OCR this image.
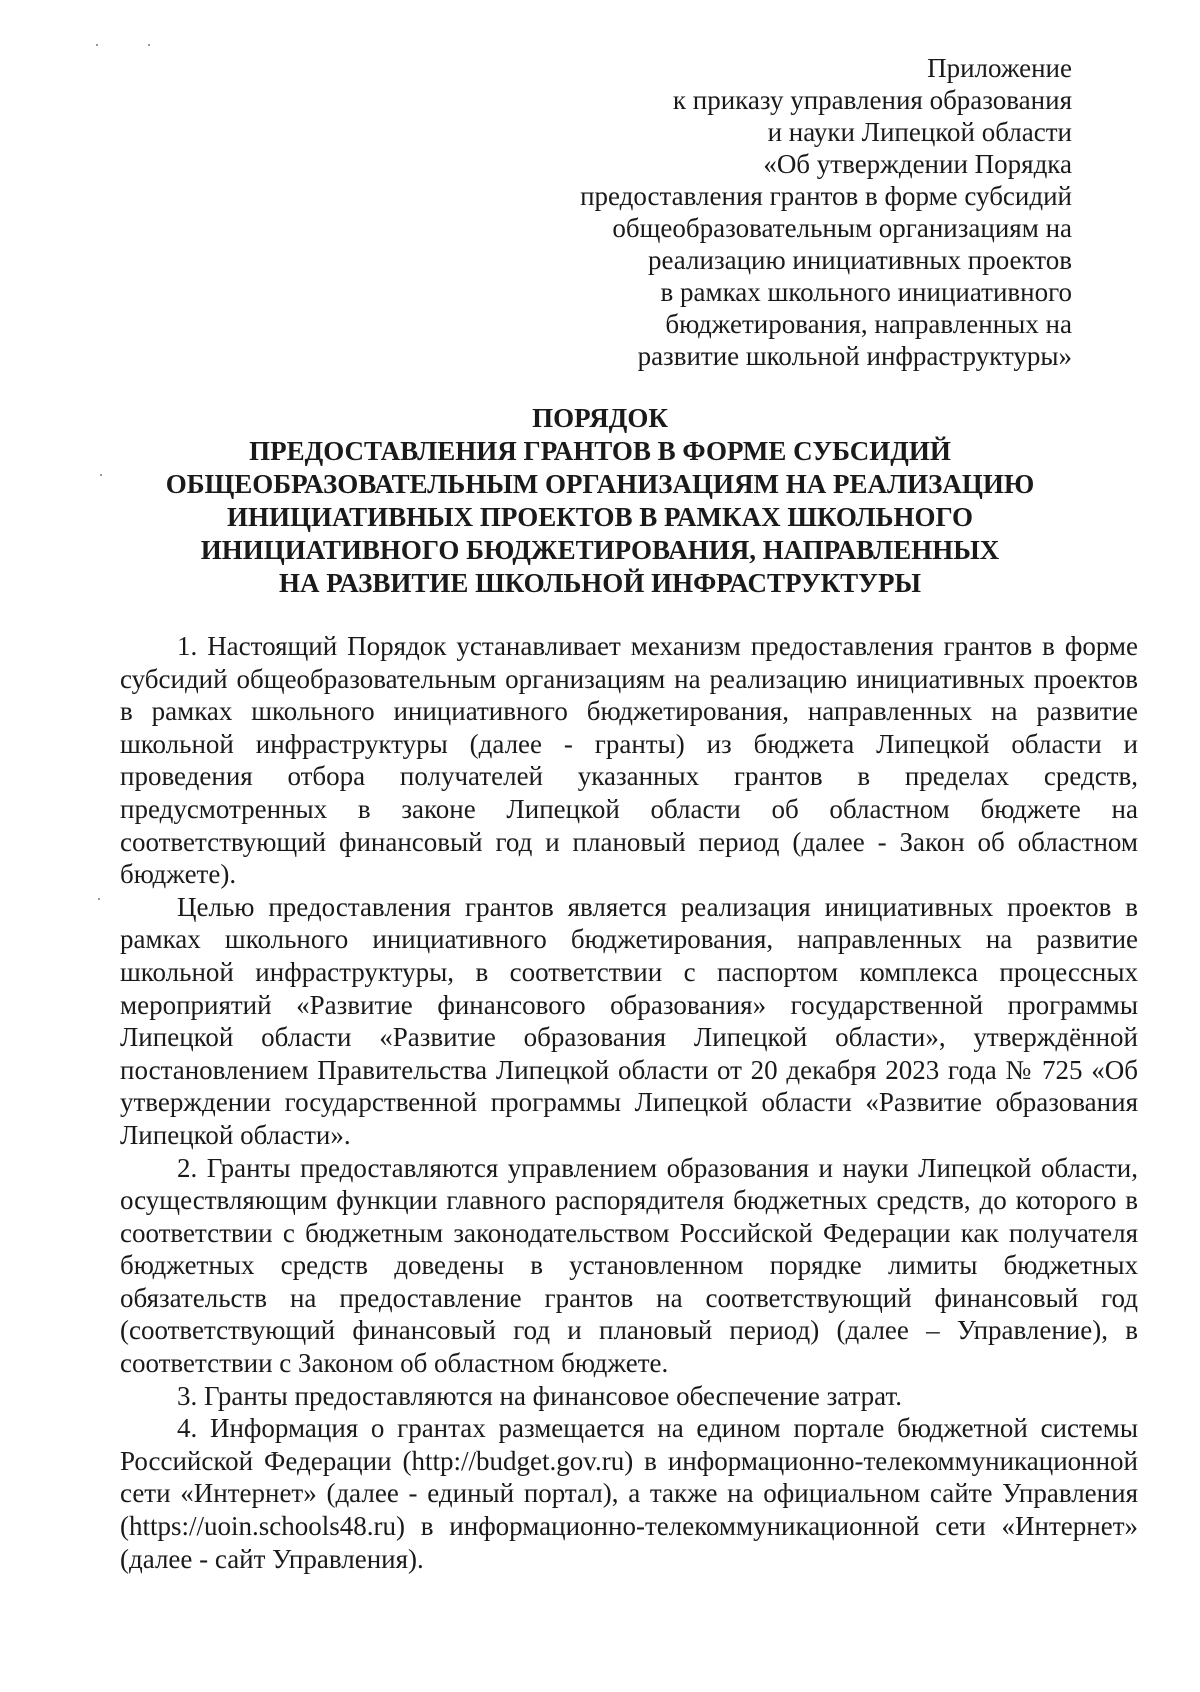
Приложение
к приказу управления образования
и науки Липецкой области
«Об утверждении Порядка
предоставления грантов в форме субсидий
общеобразовательным организациям на
реализацию инициативных проектов
в рамках школьного инициативного
бюджетирования, направленных на
развитие школьной инфраструктуры»
ПОРЯДОК
ПРЕДОСТАВЛЕНИЯ ГРАНТОВ В ФОРМЕ СУБСИДИЙ
ОБЩЕОБРАЗОВАТЕЛЬНЫМ ОРГАНИЗАЦИЯМ НА РЕАЛИЗАЦИЮ
ИНИЦИАТИВНЫХ ПРОЕКТОВ В РАМКАХ ШКОЛЬНОГО
ИНИЦИАТИВНОГО БЮДЖЕТИРОВАНИЯ, НАПРАВЛЕННЫХ
НА РАЗВИТИЕ ШКОЛЬНОЙ ИНФРАСТРУКТУРЫ

1. Настоящий Порядок устанавливает механизм предоставления грантов в форме субсидий общеобразовательным организациям на реализацию инициативных проектов в рамках школьного инициативного бюджетирования, направленных на развитие школьной инфраструктуры (далее - гранты) из бюджета Липецкой области и проведения отбора получателей указанных грантов в пределах средств, предусмотренных в законе Липецкой области об областном бюджете на соответствующий финансовый год и плановый период (далее - Закон об областном бюджете).

Целью предоставления грантов является реализация инициативных проектов в рамках школьного инициативного бюджетирования, направленных на развитие школьной инфраструктуры, в соответствии с паспортом комплекса процессных мероприятий «Развитие финансового образования» государственной программы Липецкой области «Развитие образования Липецкой области», утверждённой постановлением Правительства Липецкой области от 20 декабря 2023 года № 725 «Об утверждении государственной программы Липецкой области «Развитие образования Липецкой области».

2. Гранты предоставляются управлением образования и науки Липецкой области, осуществляющим функции главного распорядителя бюджетных средств, до которого в соответствии с бюджетным законодательством Российской Федерации как получателя бюджетных средств доведены в установленном порядке лимиты бюджетных обязательств на предоставление грантов на соответствующий финансовый год (соответствующий финансовый год и плановый период) (далее – Управление), в соответствии с Законом об областном бюджете.

3. Гранты предоставляются на финансовое обеспечение затрат.

4. Информация о грантах размещается на едином портале бюджетной системы Российской Федерации (http://budget.gov.ru) в информационно-телекоммуникационной сети «Интернет» (далее - единый портал), а также на официальном сайте Управления (https://uoin.schools48.ru) в информационно-телекоммуникационной сети «Интернет» (далее - сайт Управления).
